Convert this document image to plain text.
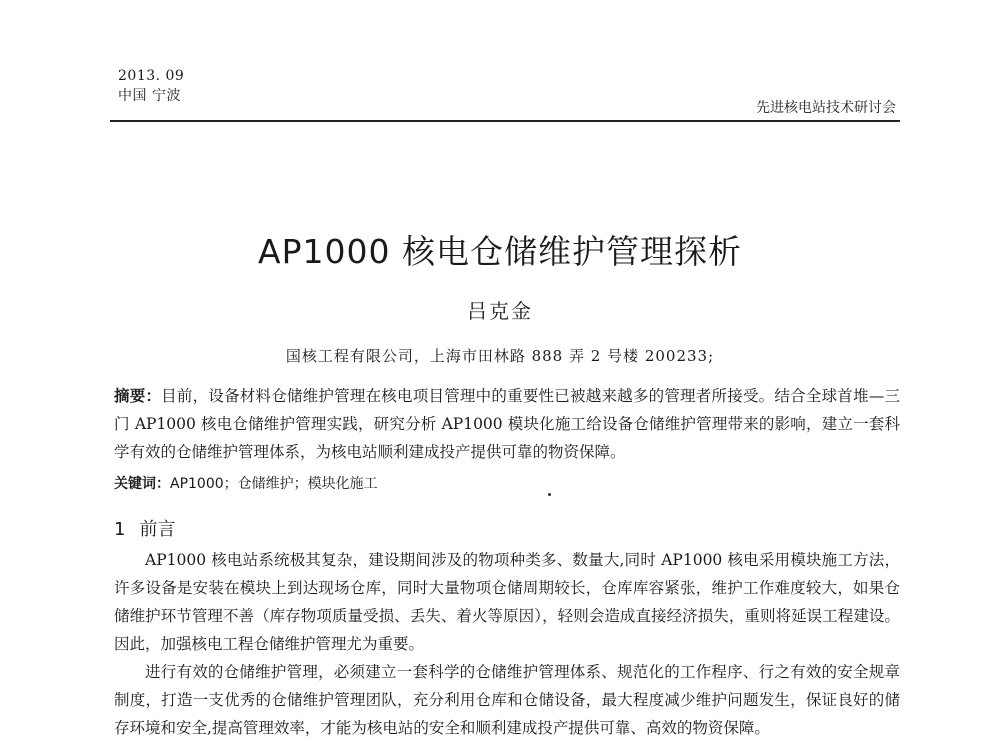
2013. 09
中国 宁波
先进核电站技术研讨会
AP1000 核电仓储维护管理探析
吕克金
国核工程有限公司，上海市田林路 888 弄 2 号楼 200233;
摘要：目前，设备材料仓储维护管理在核电项目管理中的重要性已被越来越多的管理者所接受。结合全球首堆—三门 AP1000 核电仓储维护管理实践，研究分析 AP1000 模块化施工给设备仓储维护管理带来的影响，建立一套科学有效的仓储维护管理体系，为核电站顺利建成投产提供可靠的物资保障。
关键词：AP1000；仓储维护；模块化施工
1 前言

AP1000 核电站系统极其复杂，建设期间涉及的物项种类多、数量大,同时 AP1000 核电采用模块施工方法，许多设备是安装在模块上到达现场仓库，同时大量物项仓储周期较长，仓库库容紧张，维护工作难度较大，如果仓储维护环节管理不善（库存物项质量受损、丢失、着火等原因），轻则会造成直接经济损失，重则将延误工程建设。因此，加强核电工程仓储维护管理尤为重要。

进行有效的仓储维护管理，必须建立一套科学的仓储维护管理体系、规范化的工作程序、行之有效的安全规章制度，打造一支优秀的仓储维护管理团队，充分利用仓库和仓储设备，最大程度减少维护问题发生，保证良好的储存环境和安全,提高管理效率，才能为核电站的安全和顺利建成投产提供可靠、高效的物资保障。
